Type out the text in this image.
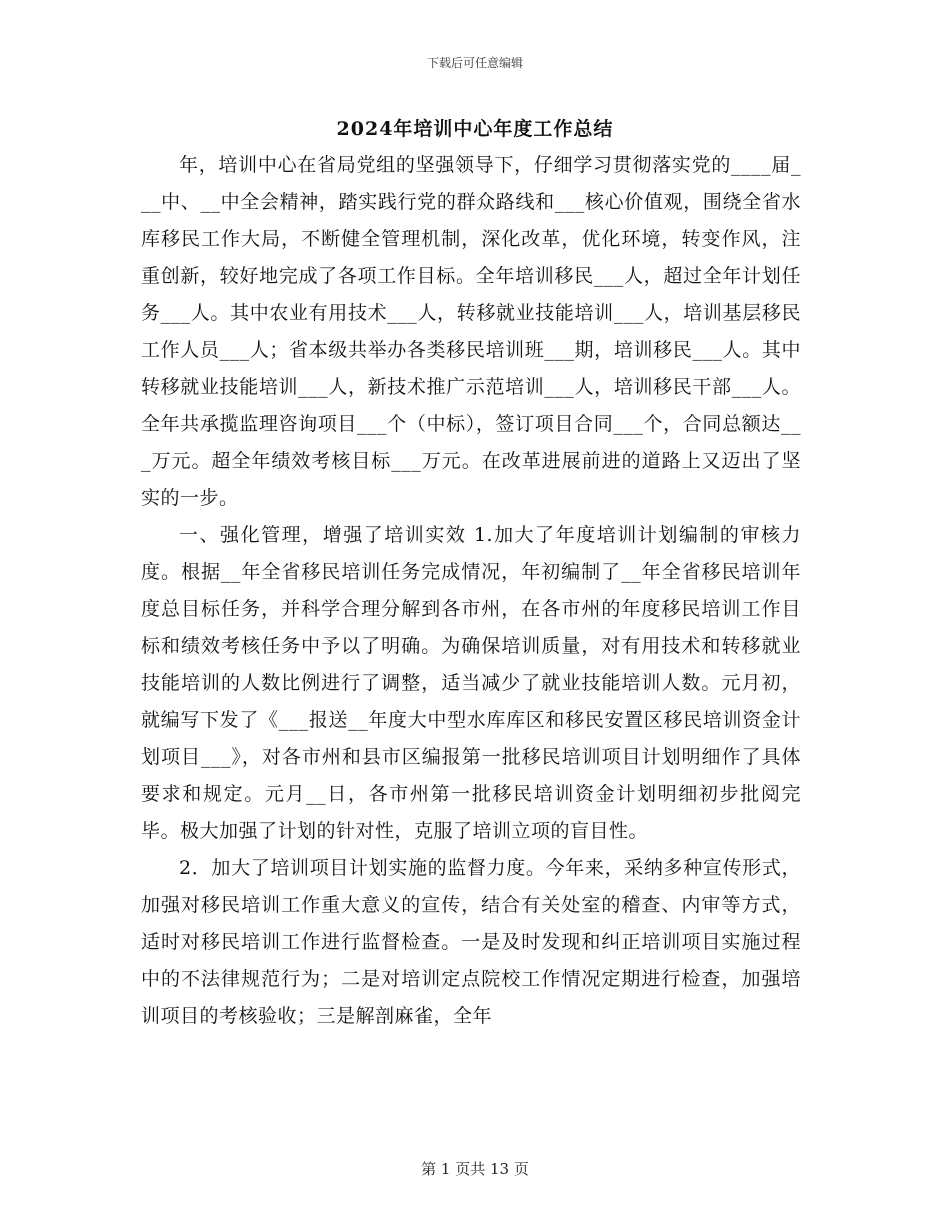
下载后可任意编辑
2024年培训中心年度工作总结

年，培训中心在省局党组的坚强领导下，仔细学习贯彻落实党的____届___中、__中全会精神，踏实践行党的群众路线和___核心价值观，围绕全省水库移民工作大局，不断健全管理机制，深化改革，优化环境，转变作风，注重创新，较好地完成了各项工作目标。全年培训移民___人，超过全年计划任务___人。其中农业有用技术___人，转移就业技能培训___人，培训基层移民工作人员___人；省本级共举办各类移民培训班___期，培训移民___人。其中转移就业技能培训___人，新技术推广示范培训___人，培训移民干部___人。全年共承揽监理咨询项目___个（中标），签订项目合同___个，合同总额达___万元。超全年绩效考核目标___万元。在改革进展前进的道路上又迈出了坚实的一步。

一、强化管理，增强了培训实效 1.加大了年度培训计划编制的审核力度。根据__年全省移民培训任务完成情况，年初编制了__年全省移民培训年度总目标任务，并科学合理分解到各市州，在各市州的年度移民培训工作目标和绩效考核任务中予以了明确。为确保培训质量，对有用技术和转移就业技能培训的人数比例进行了调整，适当减少了就业技能培训人数。元月初，就编写下发了《___报送__年度大中型水库库区和移民安置区移民培训资金计划项目___》，对各市州和县市区编报第一批移民培训项目计划明细作了具体要求和规定。元月__日，各市州第一批移民培训资金计划明细初步批阅完毕。极大加强了计划的针对性，克服了培训立项的盲目性。

2．加大了培训项目计划实施的监督力度。今年来，采纳多种宣传形式，加强对移民培训工作重大意义的宣传，结合有关处室的稽查、内审等方式，适时对移民培训工作进行监督检查。一是及时发现和纠正培训项目实施过程中的不法律规范行为；二是对培训定点院校工作情况定期进行检查，加强培训项目的考核验收；三是解剖麻雀，全年

第 1 页共 13 页
